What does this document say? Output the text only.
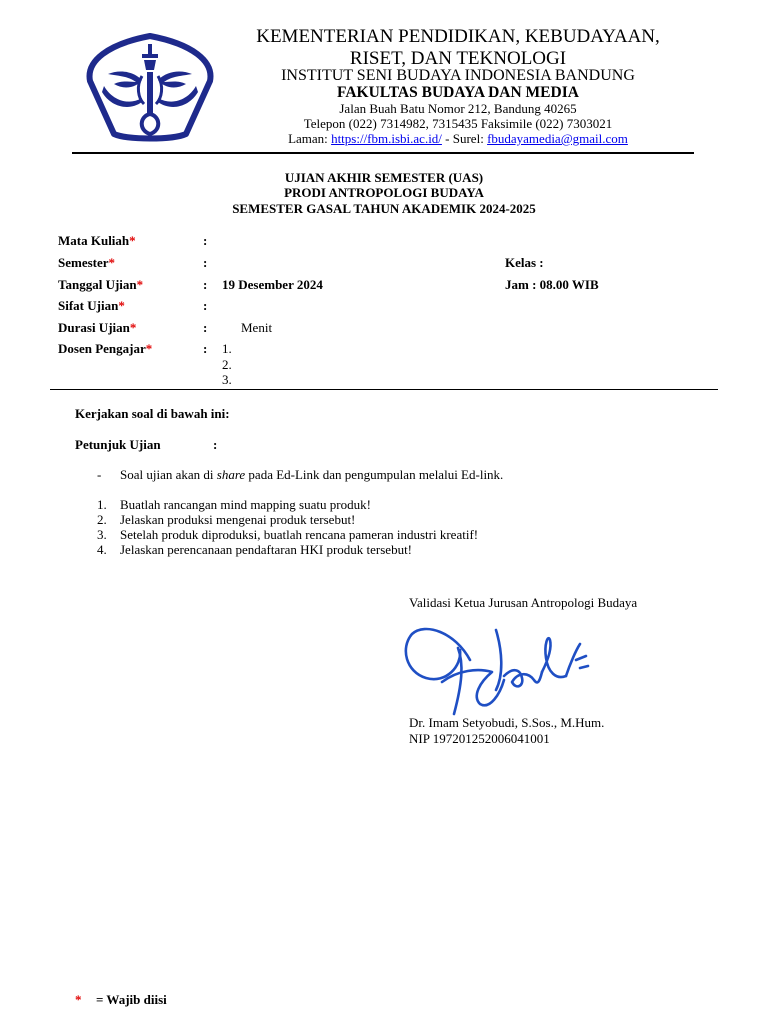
KEMENTERIAN PENDIDIKAN, KEBUDAYAAN,
RISET, DAN TEKNOLOGI
INSTITUT SENI BUDAYA INDONESIA BANDUNG
FAKULTAS BUDAYA DAN MEDIA
Jalan Buah Batu Nomor 212, Bandung 40265
Telepon (022) 7314982, 7315435 Faksimile (022) 7303021
Laman: https://fbm.isbi.ac.id/ - Surel: fbudayamedia@gmail.com
UJIAN AKHIR SEMESTER (UAS)
PRODI ANTROPOLOGI BUDAYA
SEMESTER GASAL TAHUN AKADEMIK 2024-2025
Mata Kuliah*	:
Semester*	:	Kelas :
Tanggal Ujian*	: 19 Desember 2024	Jam : 08.00 WIB
Sifat Ujian*	:
Durasi Ujian*	:	Menit
Dosen Pengajar*	: 1.
2.
3.
Kerjakan soal di bawah ini:
Petunjuk Ujian	:
- Soal ujian akan di share pada Ed-Link dan pengumpulan melalui Ed-link.
1. Buatlah rancangan mind mapping suatu produk!
2. Jelaskan produksi mengenai produk tersebut!
3. Setelah produk diproduksi, buatlah rencana pameran industri kreatif!
4. Jelaskan perencanaan pendaftaran HKI produk tersebut!
Validasi Ketua Jurusan Antropologi Budaya
Dr. Imam Setyobudi, S.Sos., M.Hum.
NIP 197201252006041001
* = Wajib diisi
